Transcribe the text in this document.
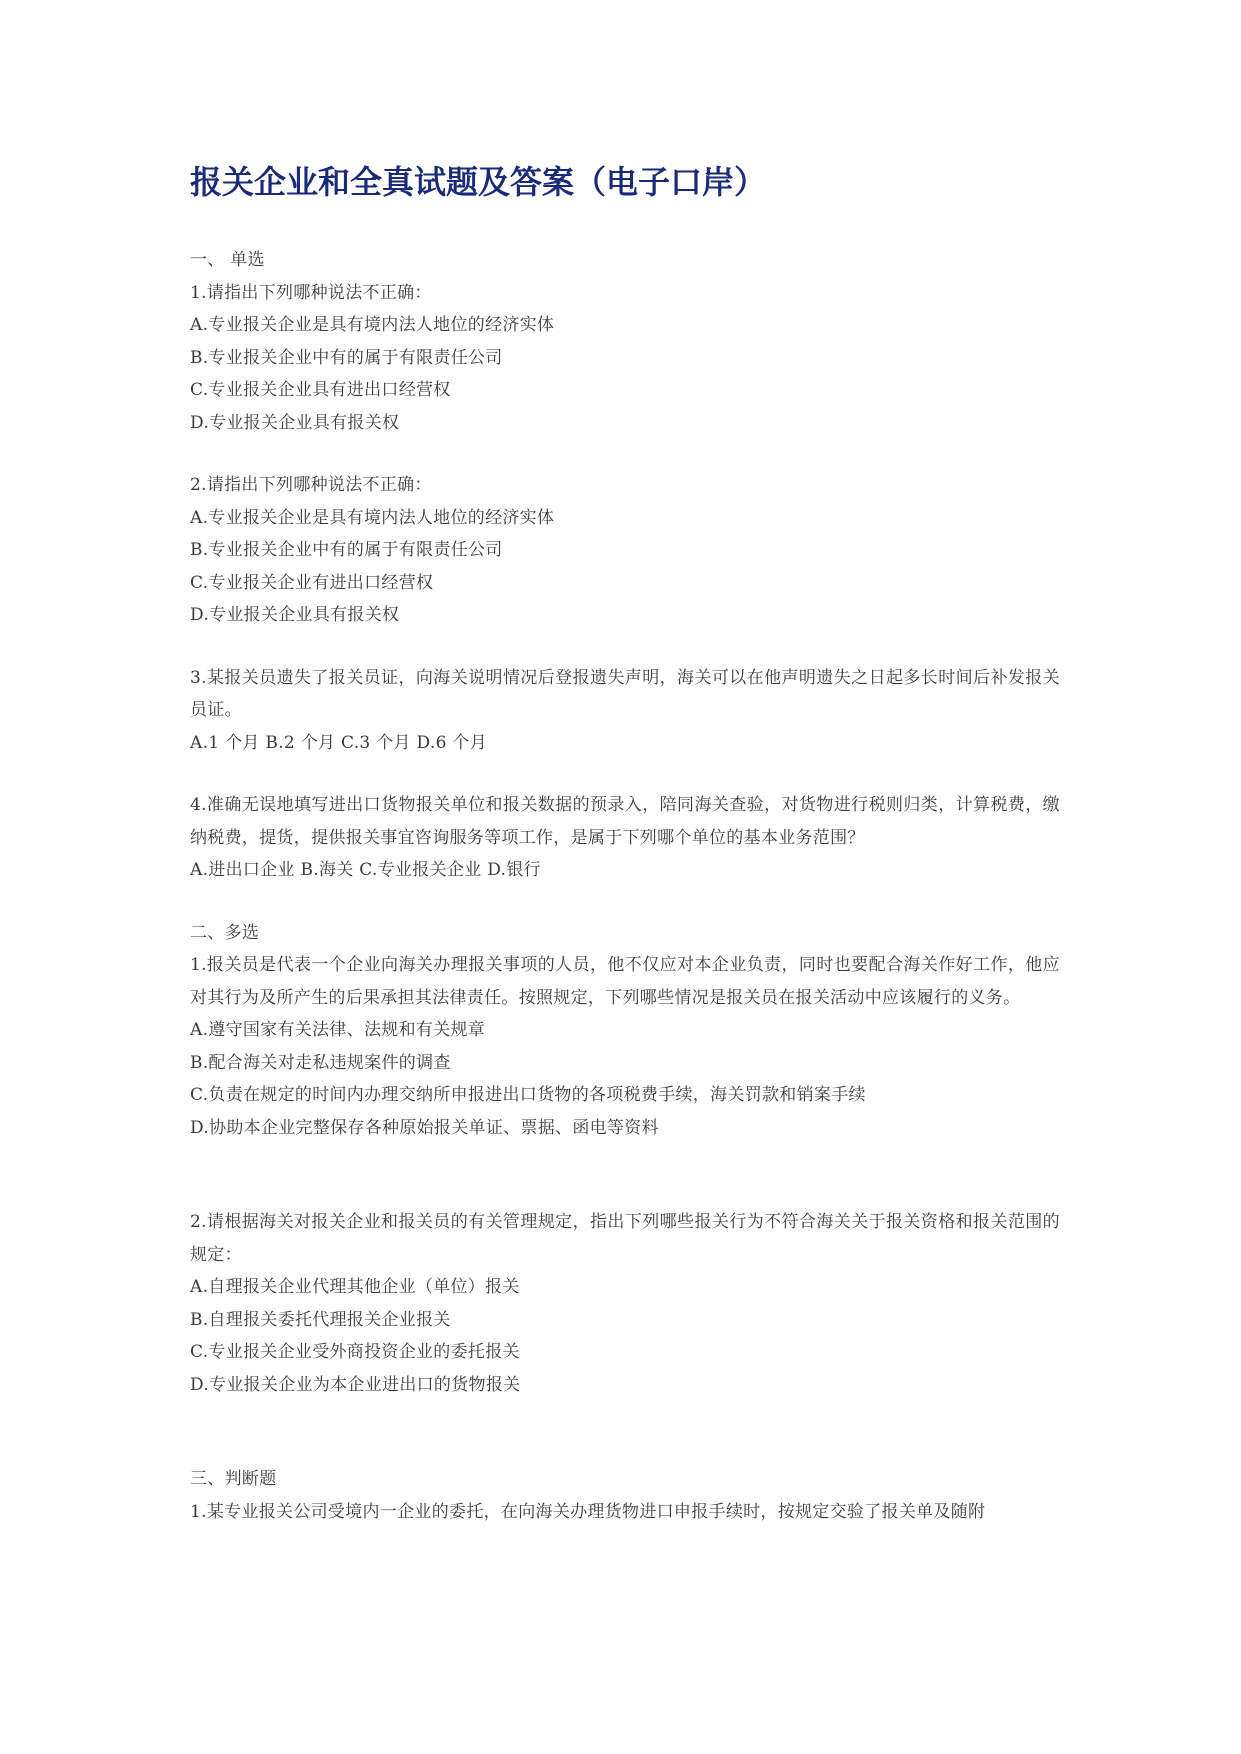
报关企业和全真试题及答案（电子口岸）

一、 单选

1.请指出下列哪种说法不正确：

A.专业报关企业是具有境内法人地位的经济实体

B.专业报关企业中有的属于有限责任公司

C.专业报关企业具有进出口经营权

D.专业报关企业具有报关权

2.请指出下列哪种说法不正确：

A.专业报关企业是具有境内法人地位的经济实体

B.专业报关企业中有的属于有限责任公司

C.专业报关企业有进出口经营权

D.专业报关企业具有报关权

3.某报关员遗失了报关员证，向海关说明情况后登报遗失声明，海关可以在他声明遗失之日起多长时间后补发报关员证。

A.1 个月 B.2 个月 C.3 个月 D.6 个月

4.准确无误地填写进出口货物报关单位和报关数据的预录入，陪同海关查验，对货物进行税则归类，计算税费，缴纳税费，提货，提供报关事宜咨询服务等项工作，是属于下列哪个单位的基本业务范围？

A.进出口企业 B.海关 C.专业报关企业 D.银行

二、多选

1.报关员是代表一个企业向海关办理报关事项的人员，他不仅应对本企业负责，同时也要配合海关作好工作，他应对其行为及所产生的后果承担其法律责任。按照规定，下列哪些情况是报关员在报关活动中应该履行的义务。

A.遵守国家有关法律、法规和有关规章

B.配合海关对走私违规案件的调查

C.负责在规定的时间内办理交纳所申报进出口货物的各项税费手续，海关罚款和销案手续

D.协助本企业完整保存各种原始报关单证、票据、函电等资料

2.请根据海关对报关企业和报关员的有关管理规定，指出下列哪些报关行为不符合海关关于报关资格和报关范围的规定：

A.自理报关企业代理其他企业（单位）报关

B.自理报关委托代理报关企业报关

C.专业报关企业受外商投资企业的委托报关

D.专业报关企业为本企业进出口的货物报关

三、判断题

1.某专业报关公司受境内一企业的委托，在向海关办理货物进口申报手续时，按规定交验了报关单及随附
